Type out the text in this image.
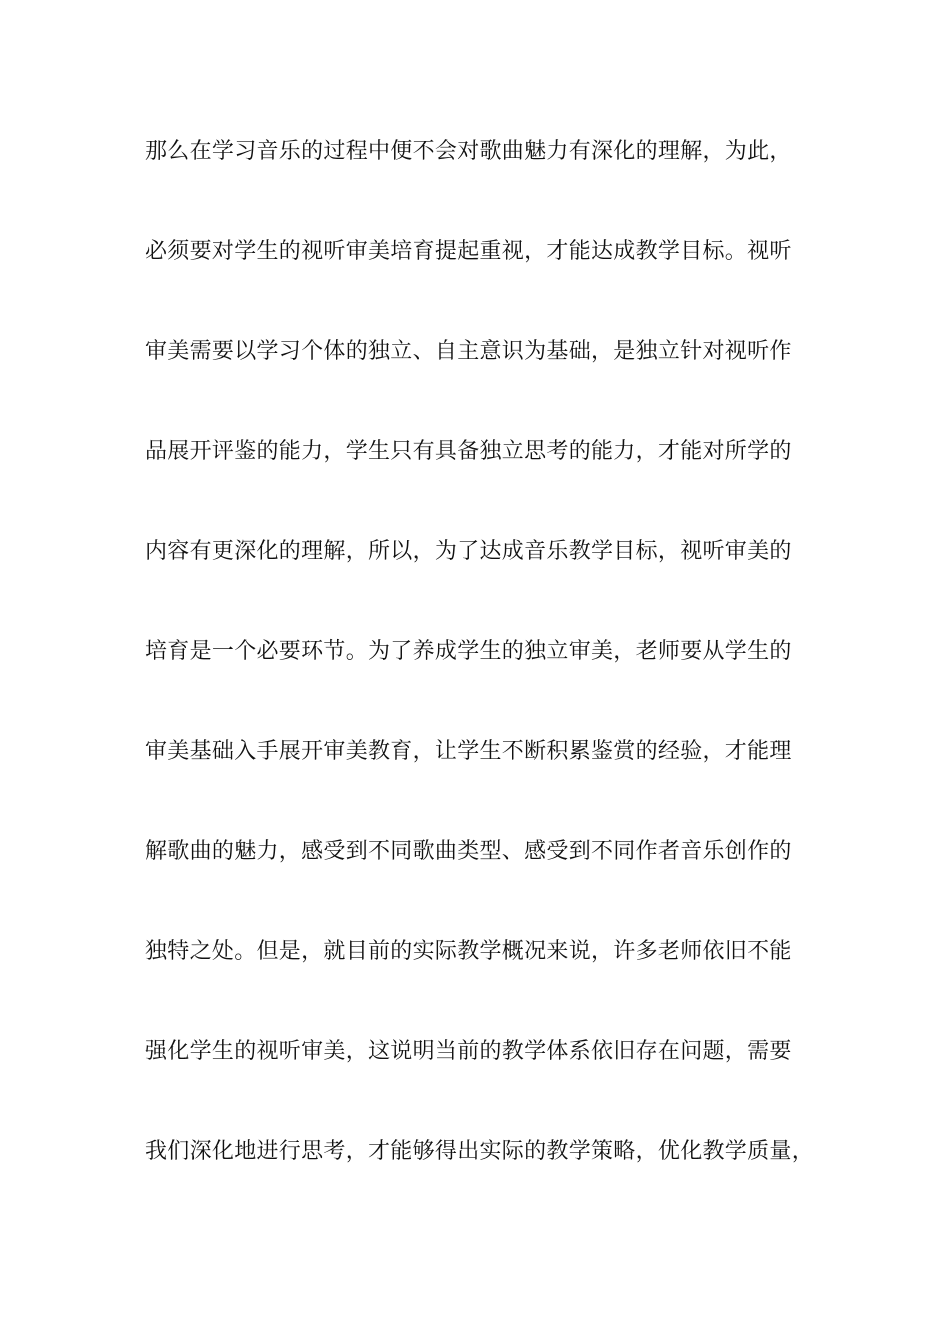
那么在学习音乐的过程中便不会对歌曲魅力有深化的理解，为此，
必须要对学生的视听审美培育提起重视，才能达成教学目标。视听
审美需要以学习个体的独立、自主意识为基础，是独立针对视听作
品展开评鉴的能力，学生只有具备独立思考的能力，才能对所学的
内容有更深化的理解，所以，为了达成音乐教学目标，视听审美的
培育是一个必要环节。为了养成学生的独立审美，老师要从学生的
审美基础入手展开审美教育，让学生不断积累鉴赏的经验，才能理
解歌曲的魅力，感受到不同歌曲类型、感受到不同作者音乐创作的
独特之处。但是，就目前的实际教学概况来说，许多老师依旧不能
强化学生的视听审美，这说明当前的教学体系依旧存在问题，需要
我们深化地进行思考，才能够得出实际的教学策略，优化教学质量，
